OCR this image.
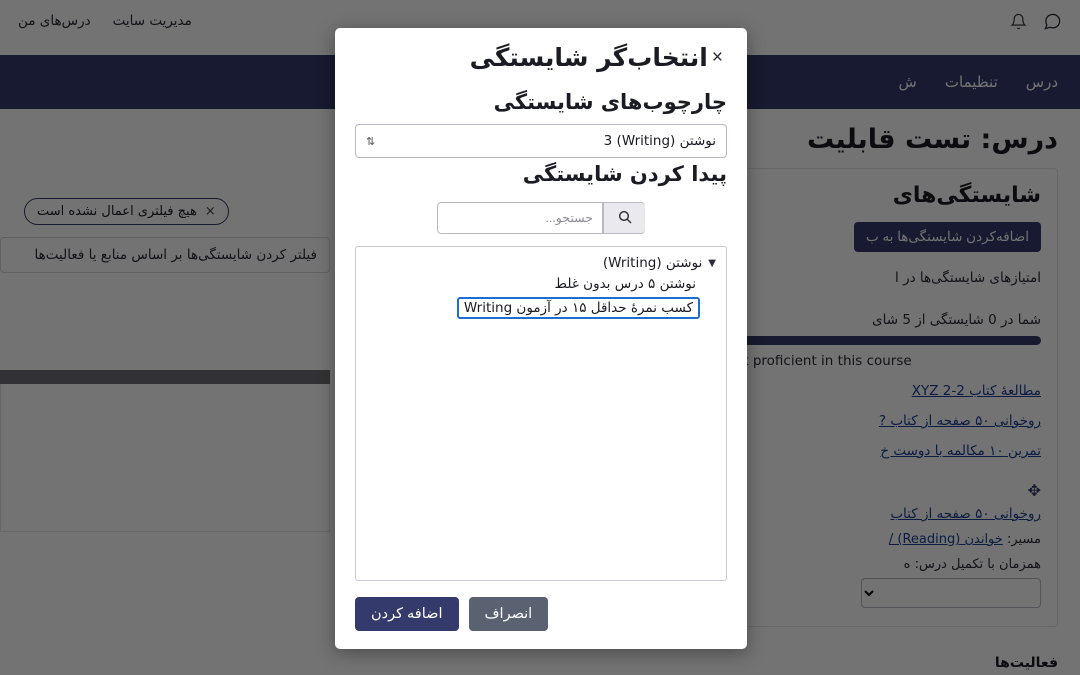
×
انتخاب‌گر شایستگی
چارچوب‌های شایستگی
نوشتن (Writing) 3
⇅
پیدا کردن شایستگی
جستجو...
▼
نوشتن (Writing)
نوشتن ۵ درس بدون غلط
کسب نمرهٔ حداقل ۱۵ در آزمون Writing
اضافه کردن	انصراف
